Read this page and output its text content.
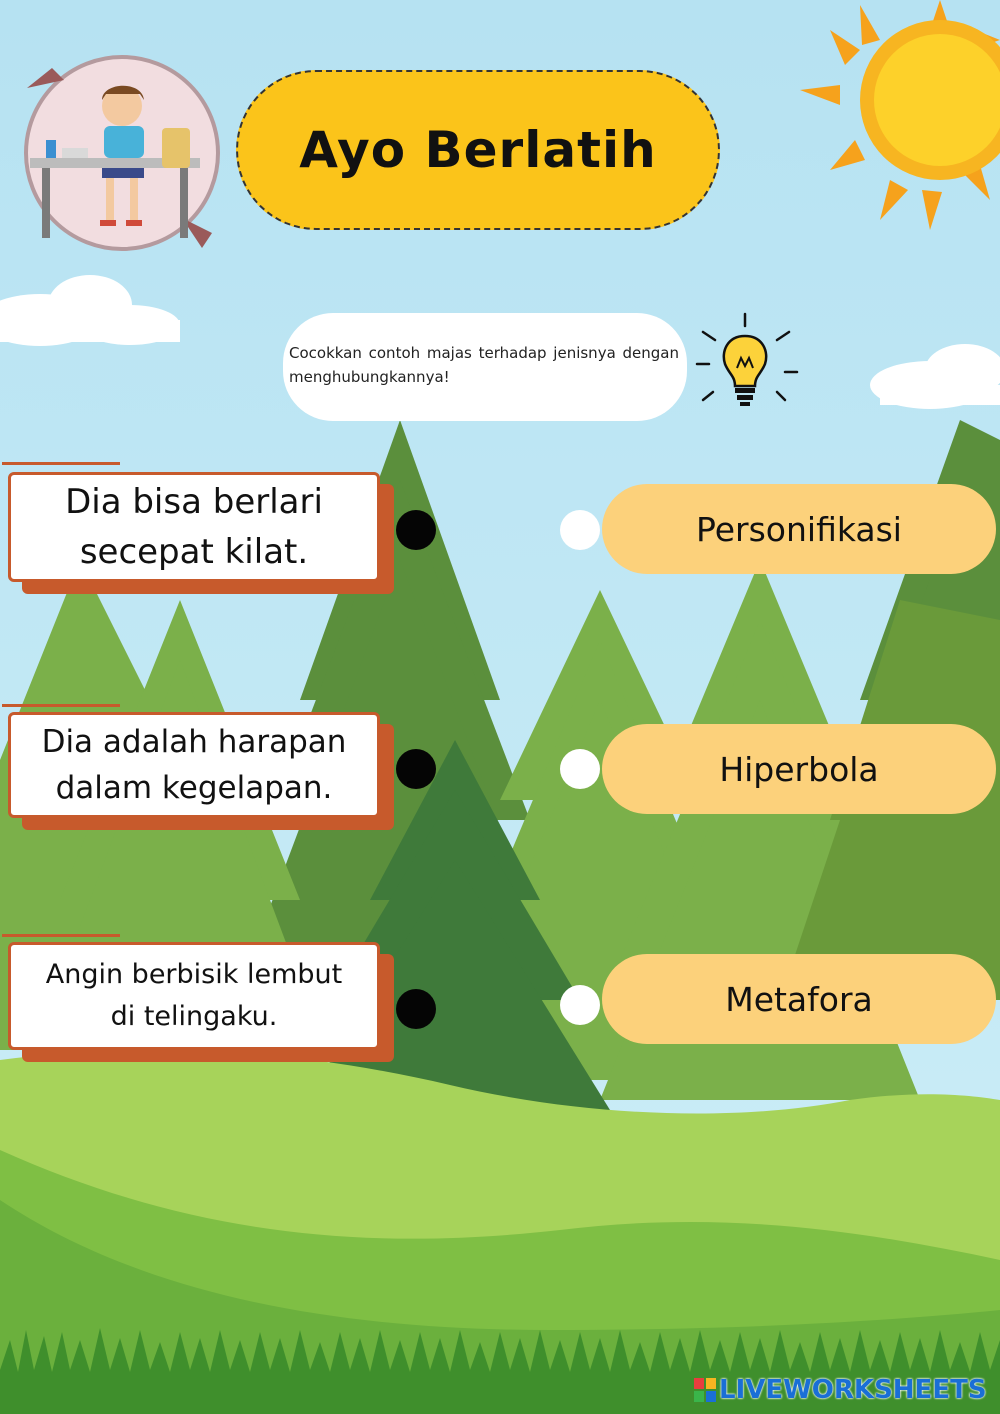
Ayo Berlatih
Cocokkan contoh majas terhadap jenisnya dengan menghubungkannya!
Dia bisa berlari
secepat kilat.
Dia adalah harapan
dalam kegelapan.
Angin berbisik lembut
di telingaku.
Personifikasi
Hiperbola
Metafora
LIVEWORKSHEETS
